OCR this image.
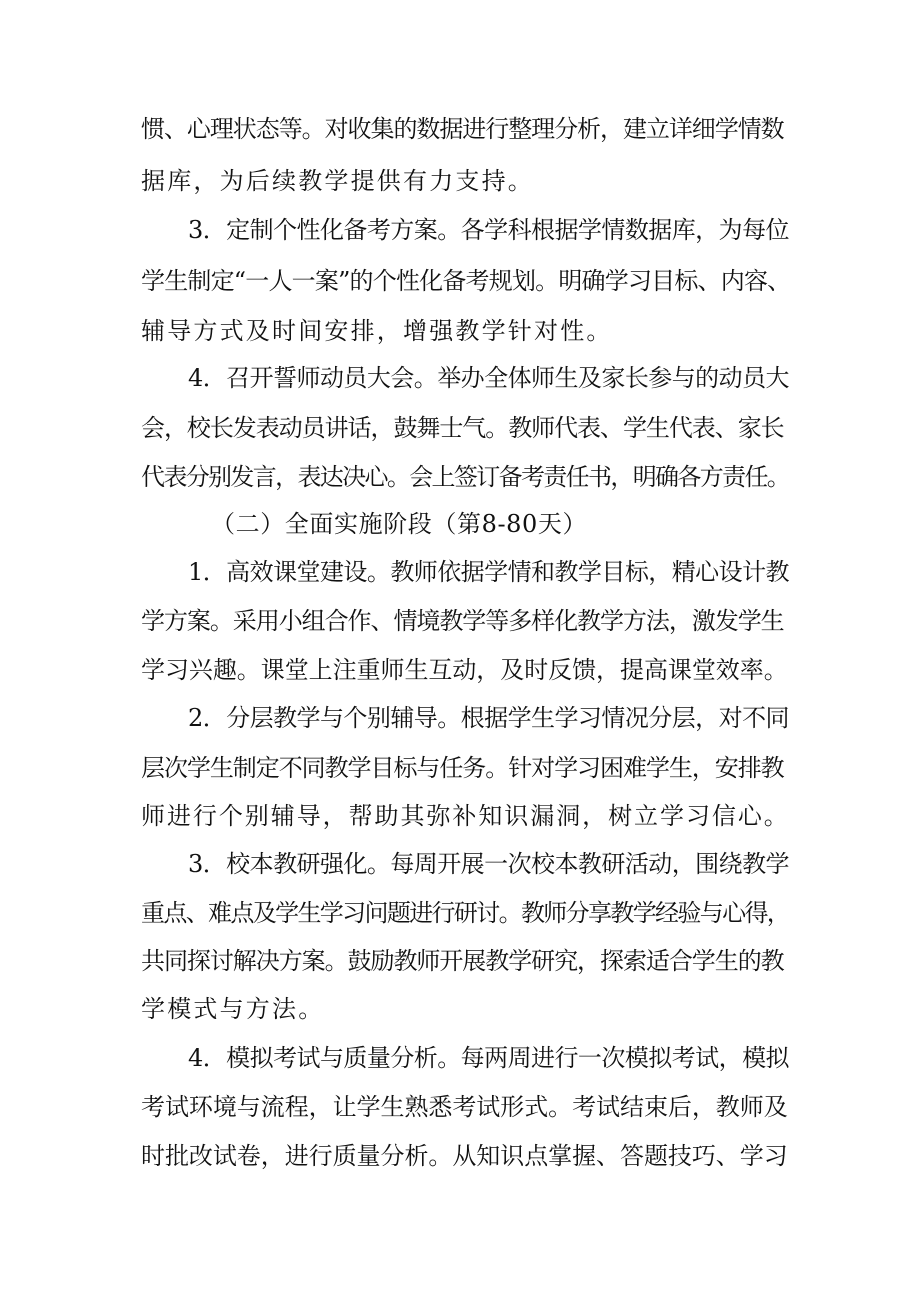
惯、心理状态等。对收集的数据进行整理分析，建立详细学情数
据库，为后续教学提供有力支持。
3．定制个性化备考方案。各学科根据学情数据库，为每位
学生制定“一人一案”的个性化备考规划。明确学习目标、内容、
辅导方式及时间安排，增强教学针对性。
4．召开誓师动员大会。举办全体师生及家长参与的动员大
会，校长发表动员讲话，鼓舞士气。教师代表、学生代表、家长
代表分别发言，表达决心。会上签订备考责任书，明确各方责任。
（二）全面实施阶段（第8-80天）
1．高效课堂建设。教师依据学情和教学目标，精心设计教
学方案。采用小组合作、情境教学等多样化教学方法，激发学生
学习兴趣。课堂上注重师生互动，及时反馈，提高课堂效率。
2．分层教学与个别辅导。根据学生学习情况分层，对不同
层次学生制定不同教学目标与任务。针对学习困难学生，安排教
师进行个别辅导，帮助其弥补知识漏洞，树立学习信心。
3．校本教研强化。每周开展一次校本教研活动，围绕教学
重点、难点及学生学习问题进行研讨。教师分享教学经验与心得，
共同探讨解决方案。鼓励教师开展教学研究，探索适合学生的教
学模式与方法。
4．模拟考试与质量分析。每两周进行一次模拟考试，模拟
考试环境与流程，让学生熟悉考试形式。考试结束后，教师及
时批改试卷，进行质量分析。从知识点掌握、答题技巧、学习
